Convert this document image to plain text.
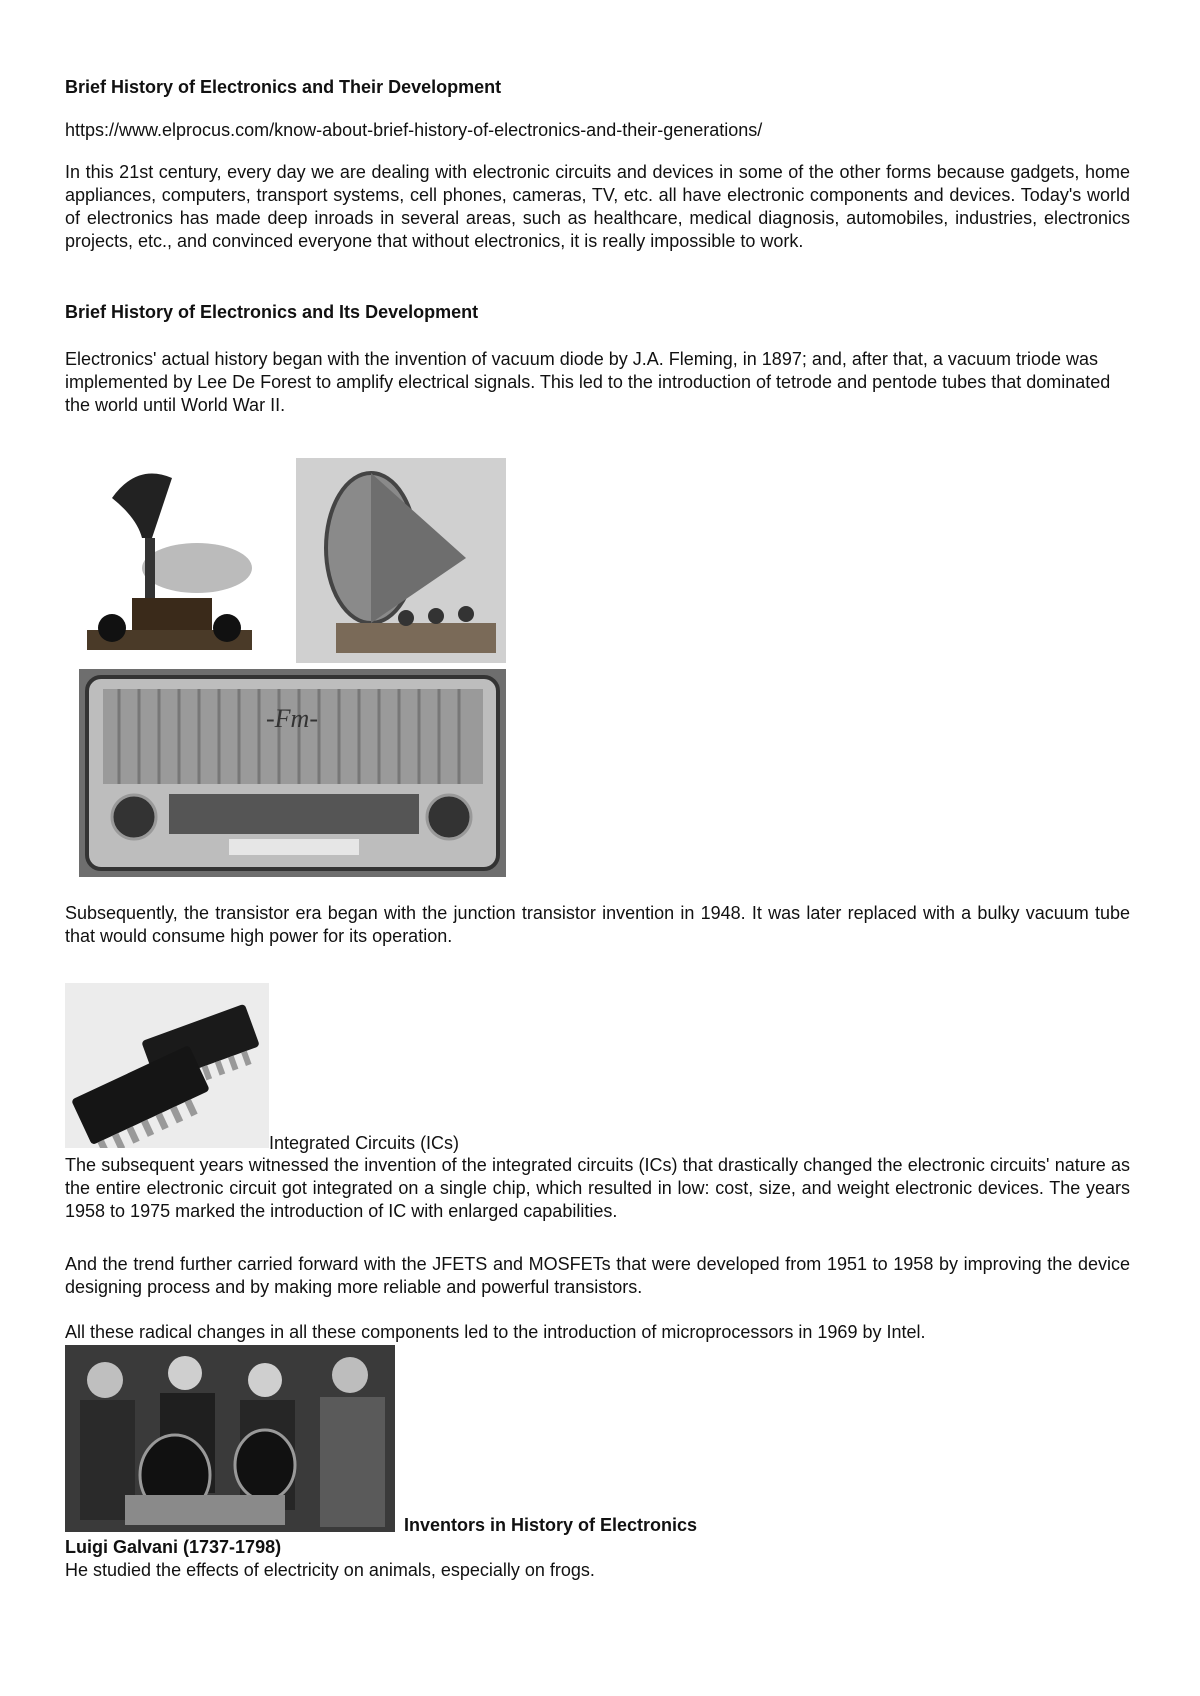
Brief History of Electronics and Their Development
https://www.elprocus.com/know-about-brief-history-of-electronics-and-their-generations/
In this 21st century, every day we are dealing with electronic circuits and devices in some of the other forms because gadgets, home appliances, computers, transport systems, cell phones, cameras, TV, etc. all have electronic components and devices. Today's world of electronics has made deep inroads in several areas, such as healthcare, medical diagnosis, automobiles, industries, electronics projects, etc., and convinced everyone that without electronics, it is really impossible to work.
Brief History of Electronics and Its Development
Electronics' actual history began with the invention of vacuum diode by J.A. Fleming, in 1897; and, after that, a vacuum triode was implemented by Lee De Forest to amplify electrical signals. This led to the introduction of tetrode and pentode tubes that dominated the world until World War II.
-Fm-
Subsequently, the transistor era began with the junction transistor invention in 1948. It was later replaced with a bulky vacuum tube that would consume high power for its operation.
Integrated Circuits (ICs)
The subsequent years witnessed the invention of the integrated circuits (ICs) that drastically changed the electronic circuits' nature as the entire electronic circuit got integrated on a single chip, which resulted in low: cost, size, and weight electronic devices. The years 1958 to 1975 marked the introduction of IC with enlarged capabilities.
And the trend further carried forward with the JFETS and MOSFETs that were developed from 1951 to 1958 by improving the device designing process and by making more reliable and powerful transistors.
All these radical changes in all these components led to the introduction of microprocessors in 1969 by Intel.
Inventors in History of Electronics
Luigi Galvani (1737-1798)
He studied the effects of electricity on animals, especially on frogs.
